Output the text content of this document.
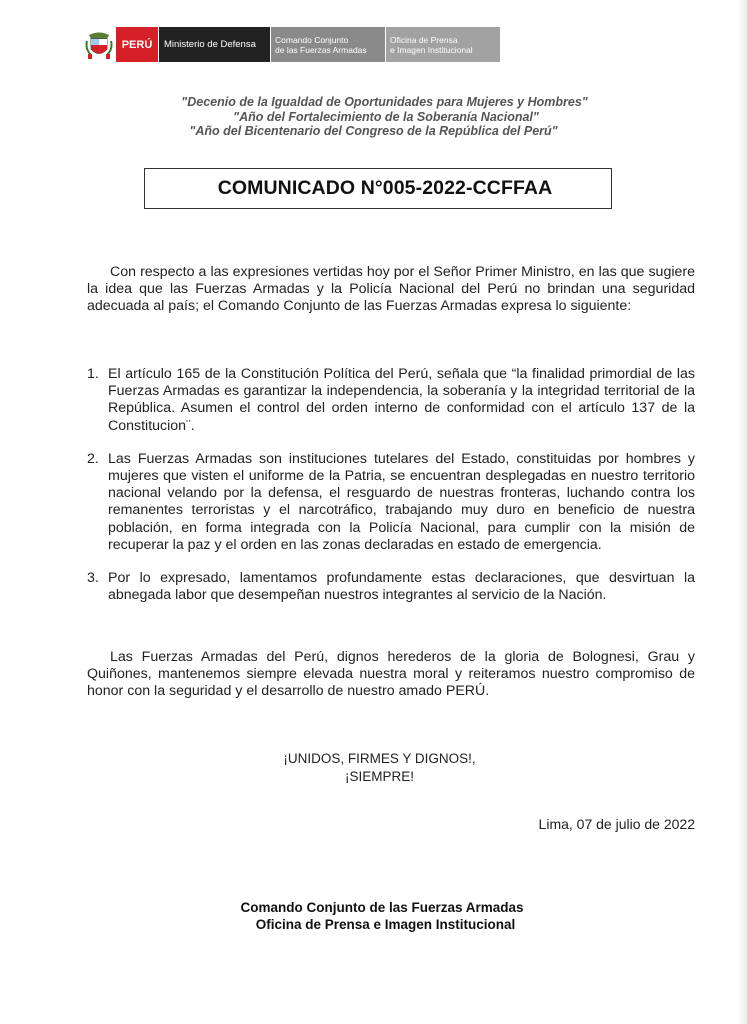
PERÚ	Ministerio de Defensa	Comando Conjunto
de las Fuerzas Armadas
Oficina de Prensa
e Imagen Institucional
"Decenio de la Igualdad de Oportunidades para Mujeres y Hombres"
"Año del Fortalecimiento de la Soberanía Nacional"
"Año del Bicentenario del Congreso de la República del Perú"
COMUNICADO N°005-2022-CCFFAA
Con respecto a las expresiones vertidas hoy por el Señor Primer Ministro, en las que sugiere la idea que las Fuerzas Armadas y la Policía Nacional del Perú no brindan una seguridad adecuada al país; el Comando Conjunto de las Fuerzas Armadas expresa lo siguiente:
1. El artículo 165 de la Constitución Política del Perú, señala que “la finalidad primordial de las Fuerzas Armadas es garantizar la independencia, la soberanía y la integridad territorial de la República. Asumen el control del orden interno de conformidad con el artículo 137 de la Constitucion¨.
2. Las Fuerzas Armadas son instituciones tutelares del Estado, constituidas por hombres y mujeres que visten el uniforme de la Patria, se encuentran desplegadas en nuestro territorio nacional velando por la defensa, el resguardo de nuestras fronteras, luchando contra los remanentes terroristas y el narcotráfico, trabajando muy duro en beneficio de nuestra población, en forma integrada con la Policía Nacional, para cumplir con la misión de recuperar la paz y el orden en las zonas declaradas en estado de emergencia.
3. Por lo expresado, lamentamos profundamente estas declaraciones, que desvirtuan la abnegada labor que desempeñan nuestros integrantes al servicio de la Nación.
Las Fuerzas Armadas del Perú, dignos herederos de la gloria de Bolognesi, Grau y Quiñones, mantenemos siempre elevada nuestra moral y reiteramos nuestro compromiso de honor con la seguridad y el desarrollo de nuestro amado PERÚ.
¡UNIDOS, FIRMES Y DIGNOS!,
¡SIEMPRE!
Lima, 07 de julio de 2022
Comando Conjunto de las Fuerzas Armadas
Oficina de Prensa e Imagen Institucional
